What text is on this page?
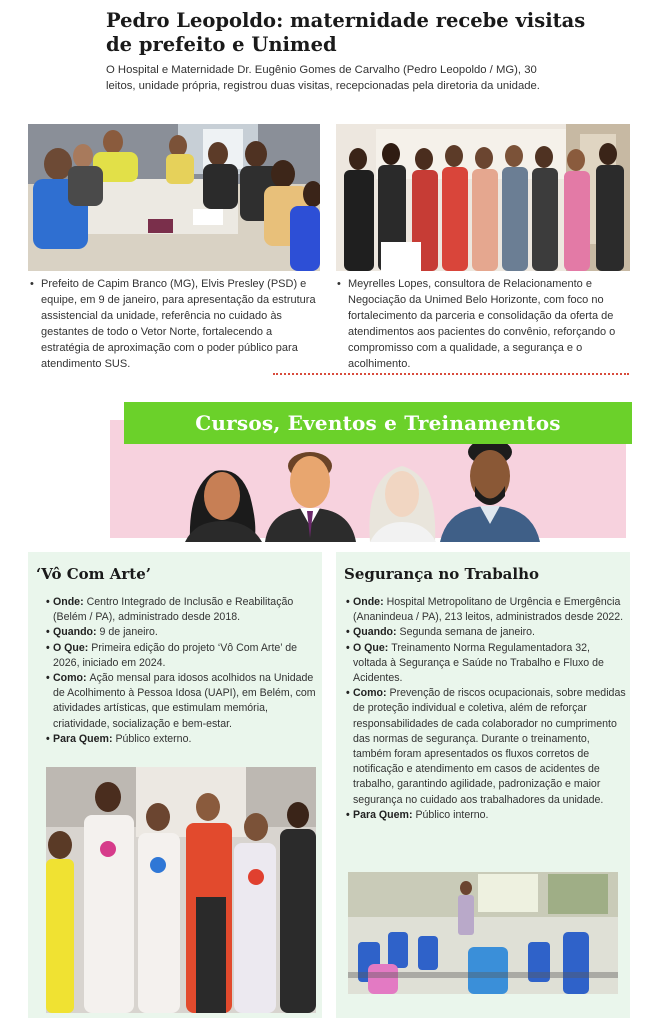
Pedro Leopoldo: maternidade recebe visitas de prefeito e Unimed

O Hospital e Maternidade Dr. Eugênio Gomes de Carvalho (Pedro Leopoldo / MG), 30 leitos, unidade própria, registrou duas visitas, recepcionadas pela diretoria da unidade.

• Prefeito de Capim Branco (MG), Elvis Presley (PSD) e equipe, em 9 de janeiro, para apresentação da estrutura assistencial da unidade, referência no cuidado às gestantes de todo o Vetor Norte, fortalecendo a estratégia de aproximação com o poder público para atendimento SUS.
• Meyrelles Lopes, consultora de Relacionamento e Negociação da Unimed Belo Horizonte, com foco no fortalecimento da parceria e consolidação da oferta de atendimentos aos pacientes do convênio, reforçando o compromisso com a qualidade, a segurança e o acolhimento.
Cursos, Eventos e Treinamentos
‘Vô Com Arte’
• Onde: Centro Integrado de Inclusão e Reabilitação (Belém / PA), administrado desde 2018.
• Quando: 9 de janeiro.
• O Que: Primeira edição do projeto ‘Vô Com Arte’ de 2026, iniciado em 2024.
• Como: Ação mensal para idosos acolhidos na Unidade de Acolhimento à Pessoa Idosa (UAPI), em Belém, com atividades artísticas, que estimulam memória, criatividade, socialização e bem-estar.
• Para Quem: Público externo.
Segurança no Trabalho
• Onde: Hospital Metropolitano de Urgência e Emergência (Ananindeua / PA), 213 leitos, administrados desde 2022.
• Quando: Segunda semana de janeiro.
• O Que: Treinamento Norma Regulamentadora 32, voltada à Segurança e Saúde no Trabalho e Fluxo de Acidentes.
• Como: Prevenção de riscos ocupacionais, sobre medidas de proteção individual e coletiva, além de reforçar responsabilidades de cada colaborador no cumprimento das normas de segurança. Durante o treinamento, também foram apresentados os fluxos corretos de notificação e atendimento em casos de acidentes de trabalho, garantindo agilidade, padronização e maior segurança no cuidado aos trabalhadores da unidade.
• Para Quem: Público interno.
